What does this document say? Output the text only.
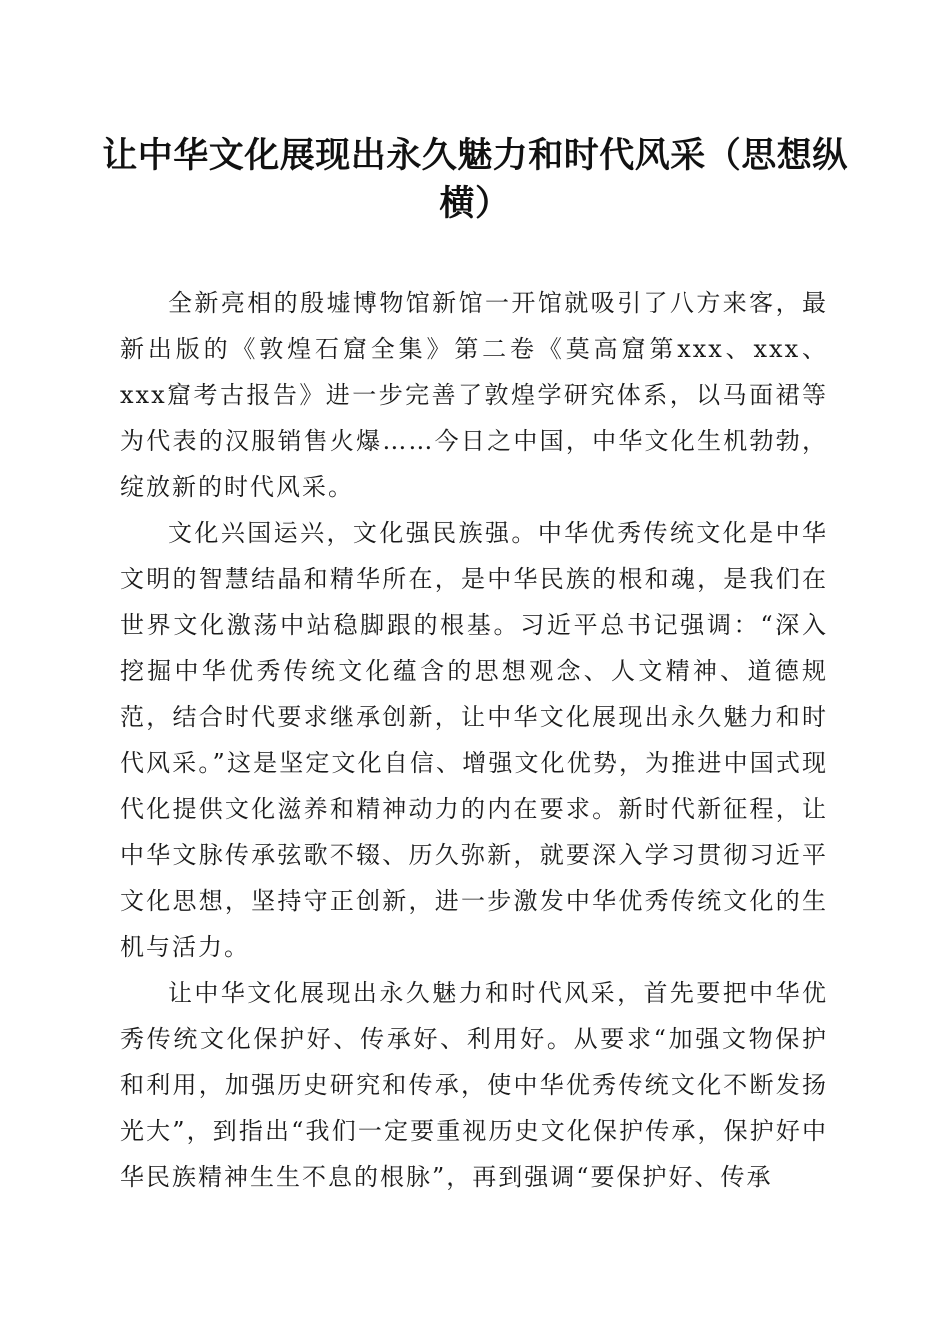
让中华文化展现出永久魅力和时代风采（思想纵横）

全新亮相的殷墟博物馆新馆一开馆就吸引了八方来客，最新出版的《敦煌石窟全集》第二卷《莫高窟第xxx、xxx、xxx窟考古报告》进一步完善了敦煌学研究体系，以马面裙等为代表的汉服销售火爆……今日之中国，中华文化生机勃勃，绽放新的时代风采。

文化兴国运兴，文化强民族强。中华优秀传统文化是中华文明的智慧结晶和精华所在，是中华民族的根和魂，是我们在世界文化激荡中站稳脚跟的根基。习近平总书记强调：“深入挖掘中华优秀传统文化蕴含的思想观念、人文精神、道德规范，结合时代要求继承创新，让中华文化展现出永久魅力和时代风采。”这是坚定文化自信、增强文化优势，为推进中国式现代化提供文化滋养和精神动力的内在要求。新时代新征程，让中华文脉传承弦歌不辍、历久弥新，就要深入学习贯彻习近平文化思想，坚持守正创新，进一步激发中华优秀传统文化的生机与活力。

让中华文化展现出永久魅力和时代风采，首先要把中华优秀传统文化保护好、传承好、利用好。从要求“加强文物保护和利用，加强历史研究和传承，使中华优秀传统文化不断发扬光大”，到指出“我们一定要重视历史文化保护传承，保护好中华民族精神生生不息的根脉”，再到强调“要保护好、传承
